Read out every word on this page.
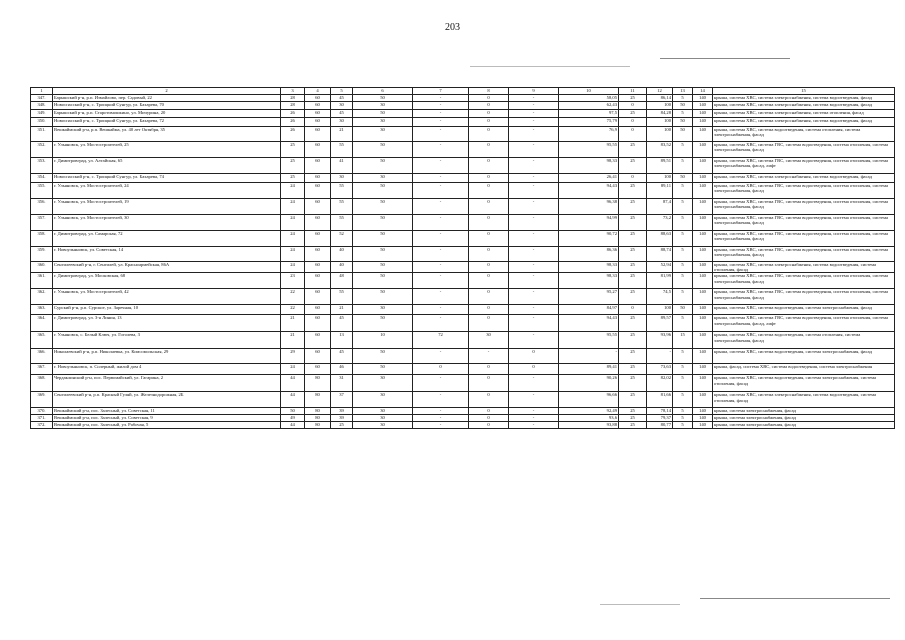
203
1	2	3	4	5	6	7	8	9	10	11	12	13	14	15
347.	Барышский р-н, р.п. Измайлово, пер. Садовый, 22	28	60	45	50	-	0	-	58,05	25	86,14	5	140	крыша, система ХВС, система электроснабжения, система водоотведения, фасад
348.	Новоспасский р-н, с. Троицкий Сунгур, ул. Бахарева, 70	28	60	30	30	-	0	-	62,43	0	100	50	140	крыша, система ХВС, система электроснабжения, система водоотведения, фасад
349.	Барышский р-н, р.п. Старотимошкино, ул. Мичурина, 20	26	60	45	50	-	0	-	97,5	25	84,28	5	140	крыша, система ХВС, система электроснабжения, система отопления, фасад
350.	Новоспасский р-н, с. Троицкий Сунгур, ул. Бахарева, 72	26	60	30	30	-	0	-	75,79	0	100	50	140	крыша, система ХВС, система электроснабжения, система водоотведения, фасад
351.	Вешкаймский р-н, р.п. Вешкайма, ул. 40 лет Октября, 35	26	60	21	30	-	0	-	76,9	0	100	50	140	крыша, система ХВС, система водоотведения, система отопления, система электроснабжения, фасад
352.	г. Ульяновск, ул. Мостостроителей, 25	25	60	55	50	-	0	-	95,55	25	83,52	5	140	крыша, система ХВС, система ГВС, система водоотведения, система отопления, система электроснабжения, фасад
353.	г. Димитровград, ул. Алтайская, 65	25	60	41	50	-	0	-	98,33	25	89,51	5	140	крыша, система ХВС, система ГВС, система водоотведения, система отопления, система электроснабжения, фасад, лифт
354.	Новоспасский р-н, с. Троицкий Сунгур, ул. Бахарева, 74	25	60	30	30	-	0	-	26,41	0	100	50	140	крыша, система ХВС, система электроснабжения, система водоотведения, фасад
355.	г. Ульяновск, ул. Мостостроителей, 24	24	60	55	50	-	0	-	94,43	25	89,11	5	140	крыша, система ХВС, система ГВС, система водоотведения, система отопления, система электроснабжения, фасад
356.	г. Ульяновск, ул. Мостостроителей, 19	24	60	55	50	-	0	-	96,38	25	87,4	5	140	крыша, система ХВС, система ГВС, система водоотведения, система отопления, система электроснабжения, фасад
357.	г. Ульяновск, ул. Мостостроителей, 30	24	60	55	50	-	0	-	94,99	25	73,2	5	140	крыша, система ХВС, система ГВС, система водоотведения, система отопления, система электроснабжения, фасад
358.	г. Димитровград, ул. Самарская, 72	24	60	52	50	-	0	-	90,72	25	88,63	5	140	крыша, система ХВС, система ГВС, система водоотведения, система отопления, система электроснабжения, фасад
359.	г. Новоульяновск, ул. Советская, 14	24	60	40	50	-	0	-	86,36	25	88,74	5	140	крыша, система ХВС, система ГВС, система водоотведения, система отопления, система электроснабжения, фасад
360.	Сенгилеевский р-н, г. Сенгилей, ул. Красноармейская, 86А	24	60	40	50	-	0	-	98,33	25	52,94	5	140	крыша, система ХВС, система электроснабжения, система водоотведения, система отопления, фасад
361.	г. Димитровград, ул. Московская, 68	23	60	48	50	-	0	-	98,33	25	81,99	5	140	крыша, система ХВС, система ГВС, система водоотведения, система отопления, система электроснабжения, фасад
362.	г. Ульяновск, ул. Мостостроителей, 42	22	60	55	50	-	0	-	95,27	25	74,5	5	140	крыша, система ХВС, система ГВС, система водоотведения, система отопления, система электроснабжения, фасад
363.	Сурский р-н, р.п. Сурское, ул. Заречная, 10	22	60	21	30	-	0	-	84,97	0	100	50	140	крыша, система ХВС, система водоотведения, система электроснабжения, фасад
364.	г. Димитровград, ул. 3-я Линия, 13	21	60	45	50	-	0	-	94,43	25	89,57	5	140	крыша, система ХВС, система ГВС, система водоотведения, система отопления, система электроснабжения, фасад, лифт
365.	г. Ульяновск, с. Белый Ключ, ул. Гоголева, 3	21	60	13	10	72	30	-	95,55	25	93,96	15	140	крыша, система ХВС, система водоотведения, система отопления, система электроснабжения, фасад
366.	Николаевский р-н, р.п. Николаевка, ул. Комсомольская, 29	29	60	45	50	-	-	0	-	25	-	5	140	крыша, система ХВС, система водоотведения, система электроснабжения, фасад
367.	г. Новоульяновск, п. Солерный, жилой дом 4	24	60	46	50	0	0	0	89,41	25	73,63	5	140	крыша, фасад, система ХВС, система водоотведения, система электроснабжения
368.	Чердаклинский р-н, пос. Первомайский, ул. Гагарина, 2	44	80	31	30	-	0	-	90,26	25	82,02	5	140	крыша, система ХВС, система водоотведения, система электроснабжения, система отопления, фасад
369.	Сенгилеевский р-н, р.п. Красный Гуляй, ул. Железнодорожная, 2Б	44	80	37	30	-	0	-	96,66	25	81,66	5	140	крыша, система ХВС, система электроснабжения, система водоотведения, система отопления, фасад
370.	Вешкаймский р-н, пос. Залесный, ул. Советская, 11	50	80	39	30	-	0	-	92,49	25	78,14	5	140	крыша, система электроснабжения, фасад
371.	Вешкаймский р-н, пос. Залесный, ул. Советская, 9	49	80	39	30	-	0	-	93,6	25	79,37	5	140	крыша, система электроснабжения, фасад
372.	Вешкаймский р-н, пос. Залесный, ул. Рабочая, 5	44	80	25	30	-	0	-	93,88	25	80,77	5	140	крыша, система электроснабжения, фасад
